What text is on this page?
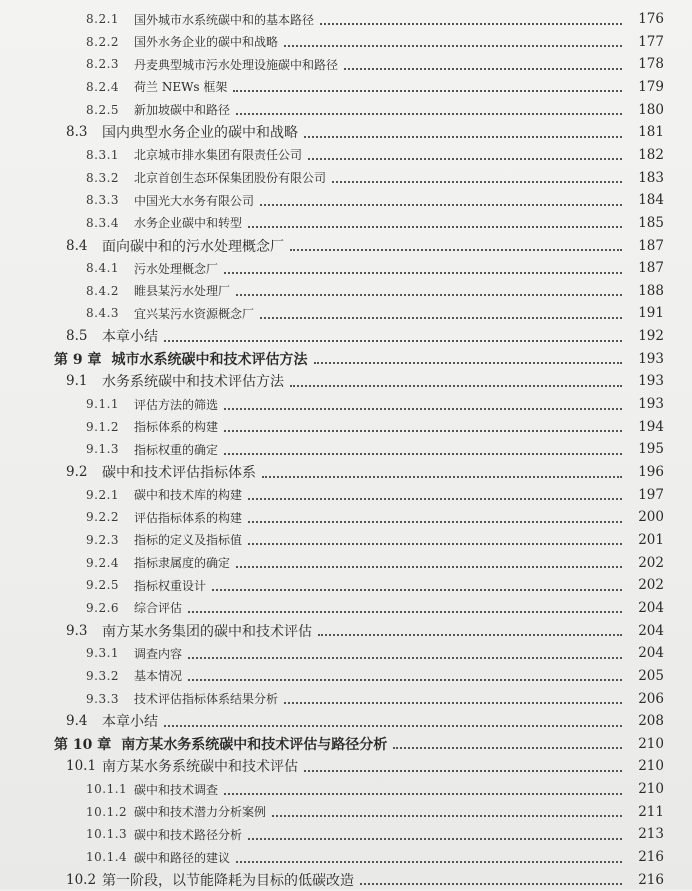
8.2.1	国外城市水系统碳中和的基本路径	176
8.2.2	国外水务企业的碳中和战略	177
8.2.3	丹麦典型城市污水处理设施碳中和路径	178
8.2.4	荷兰 NEWs 框架	179
8.2.5	新加坡碳中和路径	180
8.3	国内典型水务企业的碳中和战略	181
8.3.1	北京城市排水集团有限责任公司	182
8.3.2	北京首创生态环保集团股份有限公司	183
8.3.3	中国光大水务有限公司	184
8.3.4	水务企业碳中和转型	185
8.4	面向碳中和的污水处理概念厂	187
8.4.1	污水处理概念厂	187
8.4.2	睢县某污水处理厂	188
8.4.3	宜兴某污水资源概念厂	191
8.5	本章小结	192
第 9 章 城市水系统碳中和技术评估方法	193
9.1	水务系统碳中和技术评估方法	193
9.1.1	评估方法的筛选	193
9.1.2	指标体系的构建	194
9.1.3	指标权重的确定	195
9.2	碳中和技术评估指标体系	196
9.2.1	碳中和技术库的构建	197
9.2.2	评估指标体系的构建	200
9.2.3	指标的定义及指标值	201
9.2.4	指标隶属度的确定	202
9.2.5	指标权重设计	202
9.2.6	综合评估	204
9.3	南方某水务集团的碳中和技术评估	204
9.3.1	调查内容	204
9.3.2	基本情况	205
9.3.3	技术评估指标体系结果分析	206
9.4	本章小结	208
第 10 章 南方某水务系统碳中和技术评估与路径分析	210
10.1 南方某水务系统碳中和技术评估	210
10.1.1 碳中和技术调查	210
10.1.2 碳中和技术潜力分析案例	211
10.1.3 碳中和技术路径分析	213
10.1.4 碳中和路径的建议	216
10.2 第一阶段，以节能降耗为目标的低碳改造	216
